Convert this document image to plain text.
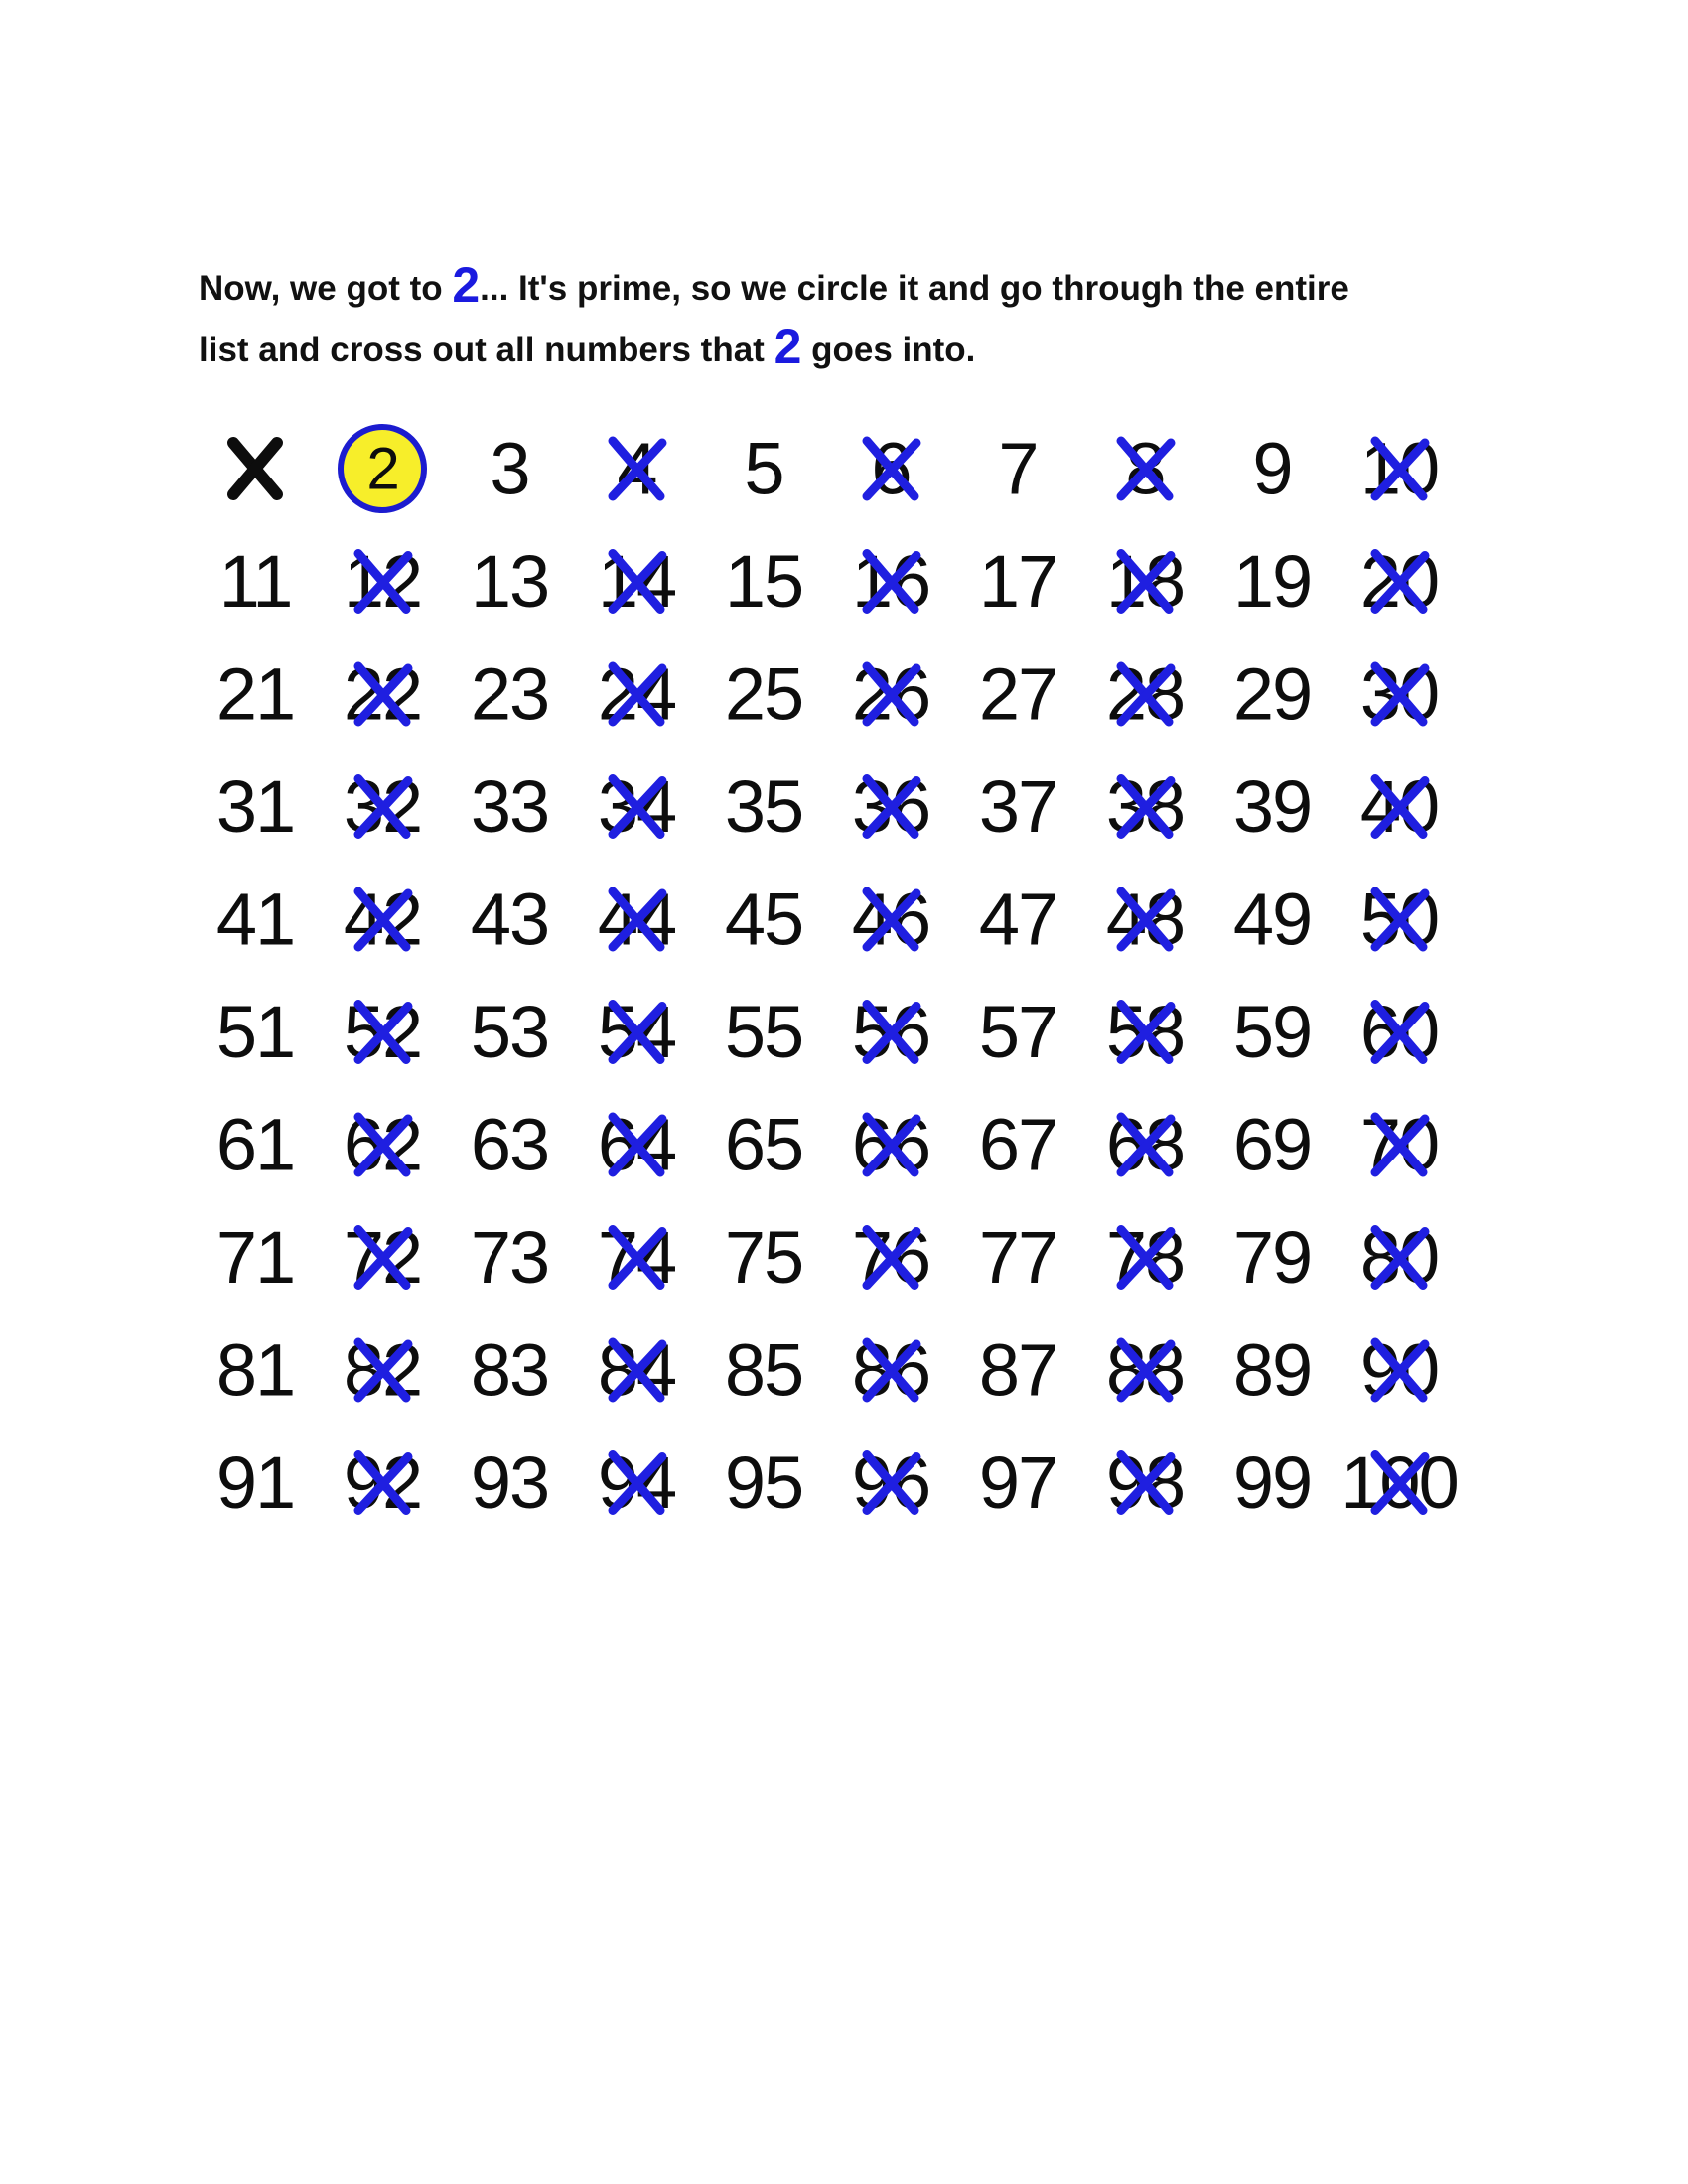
Now, we got to 2... It's prime, so we circle it and go through the entire
list and cross out all numbers that 2 goes into.
2 3 4 5 6 7 8 9 10
11 12 13 14 15 16 17 18 19 20
21 22 23 24 25 26 27 28 29 30
31 32 33 34 35 36 37 38 39 40
41 42 43 44 45 46 47 48 49 50
51 52 53 54 55 56 57 58 59 60
61 62 63 64 65 66 67 68 69 70
71 72 73 74 75 76 77 78 79 80
81 82 83 84 85 86 87 88 89 90
91 92 93 94 95 96 97 98 99 100
